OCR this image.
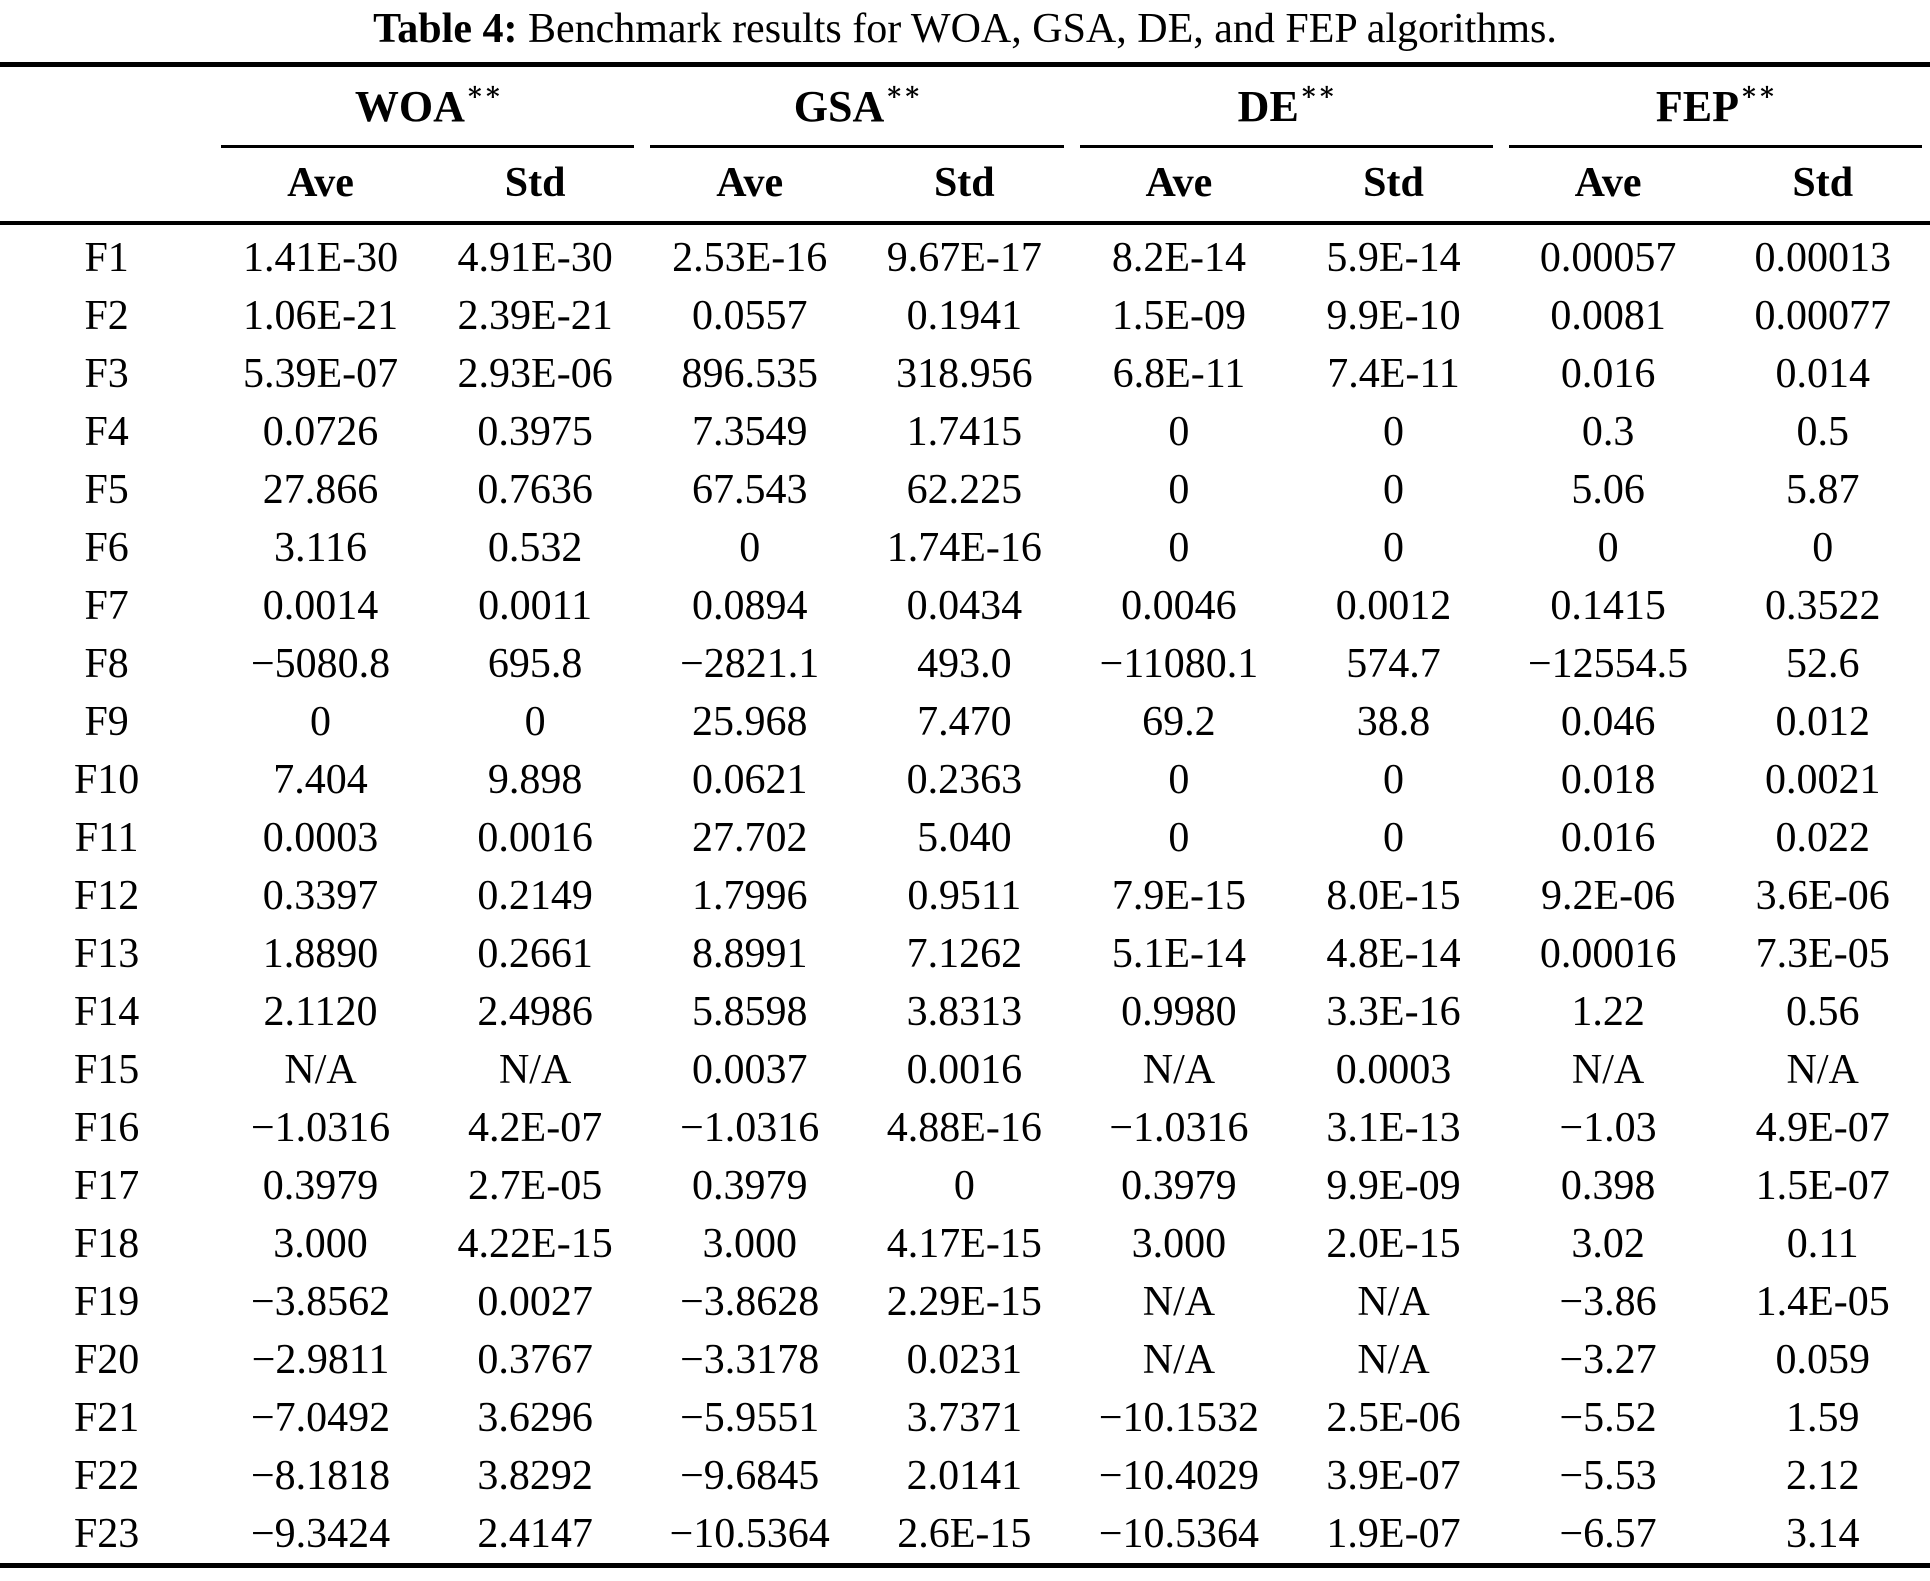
Table 4: Benchmark results for WOA, GSA, DE, and FEP algorithms.

	WOA∗∗		GSA∗∗		DE∗∗		FEP∗∗

	Ave	Std	Ave	Std	Ave	Std	Ave	Std
F1	1.41E-30	4.91E-30	2.53E-16	9.67E-17	8.2E-14	5.9E-14	0.00057	0.00013
F2	1.06E-21	2.39E-21	0.0557	0.1941	1.5E-09	9.9E-10	0.0081	0.00077
F3	5.39E-07	2.93E-06	896.535	318.956	6.8E-11	7.4E-11	0.016	0.014
F4	0.0726	0.3975	7.3549	1.7415	0	0	0.3	0.5
F5	27.866	0.7636	67.543	62.225	0	0	5.06	5.87
F6	3.116	0.532	0	1.74E-16	0	0	0	0
F7	0.0014	0.0011	0.0894	0.0434	0.0046	0.0012	0.1415	0.3522
F8	−5080.8	695.8	−2821.1	493.0	−11080.1	574.7	−12554.5	52.6
F9	0	0	25.968	7.470	69.2	38.8	0.046	0.012
F10	7.404	9.898	0.0621	0.2363	0	0	0.018	0.0021
F11	0.0003	0.0016	27.702	5.040	0	0	0.016	0.022
F12	0.3397	0.2149	1.7996	0.9511	7.9E-15	8.0E-15	9.2E-06	3.6E-06
F13	1.8890	0.2661	8.8991	7.1262	5.1E-14	4.8E-14	0.00016	7.3E-05
F14	2.1120	2.4986	5.8598	3.8313	0.9980	3.3E-16	1.22	0.56
F15	N/A	N/A	0.0037	0.0016	N/A	0.0003	N/A	N/A
F16	−1.0316	4.2E-07	−1.0316	4.88E-16	−1.0316	3.1E-13	−1.03	4.9E-07
F17	0.3979	2.7E-05	0.3979	0	0.3979	9.9E-09	0.398	1.5E-07
F18	3.000	4.22E-15	3.000	4.17E-15	3.000	2.0E-15	3.02	0.11
F19	−3.8562	0.0027	−3.8628	2.29E-15	N/A	N/A	−3.86	1.4E-05
F20	−2.9811	0.3767	−3.3178	0.0231	N/A	N/A	−3.27	0.059
F21	−7.0492	3.6296	−5.9551	3.7371	−10.1532	2.5E-06	−5.52	1.59
F22	−8.1818	3.8292	−9.6845	2.0141	−10.4029	3.9E-07	−5.53	2.12
F23	−9.3424	2.4147	−10.5364	2.6E-15	−10.5364	1.9E-07	−6.57	3.14
